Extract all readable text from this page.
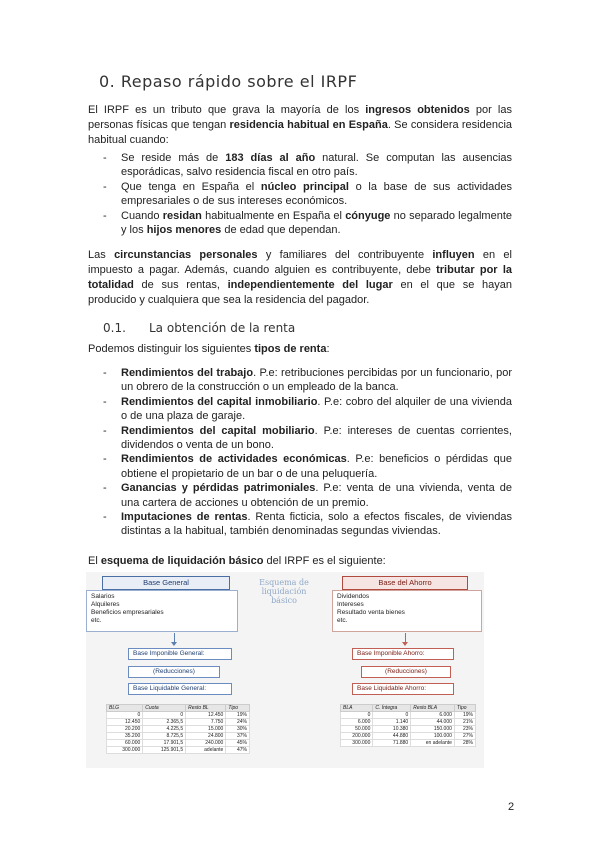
0. Repaso rápido sobre el IRPF

El IRPF es un tributo que grava la mayoría de los ingresos obtenidos por las personas físicas que tengan residencia habitual en España. Se considera residencia habitual cuando:

- Se reside más de 183 días al año natural. Se computan las ausencias esporádicas, salvo residencia fiscal en otro país.
- Que tenga en España el núcleo principal o la base de sus actividades empresariales o de sus intereses económicos.
- Cuando residan habitualmente en España el cónyuge no separado legalmente y los hijos menores de edad que dependan.

Las circunstancias personales y familiares del contribuyente influyen en el impuesto a pagar. Además, cuando alguien es contribuyente, debe tributar por la totalidad de sus rentas, independientemente del lugar en el que se hayan producido y cualquiera que sea la residencia del pagador.

0.1. La obtención de la renta

Podemos distinguir los siguientes tipos de renta:

- Rendimientos del trabajo. P.e: retribuciones percibidas por un funcionario, por un obrero de la construcción o un empleado de la banca.
- Rendimientos del capital inmobiliario. P.e: cobro del alquiler de una vivienda o de una plaza de garaje.
- Rendimientos del capital mobiliario. P.e: intereses de cuentas corrientes, dividendos o venta de un bono.
- Rendimientos de actividades económicas. P.e: beneficios o pérdidas que obtiene el propietario de un bar o de una peluquería.
- Ganancias y pérdidas patrimoniales. P.e: venta de una vivienda, venta de una cartera de acciones u obtención de un premio.
- Imputaciones de rentas. Renta ficticia, solo a efectos fiscales, de viviendas distintas a la habitual, también denominadas segundas viviendas.

El esquema de liquidación básico del IRPF es el siguiente:

Base General
Salarios
Alquileres
Beneficios empresariales
etc.
Esquema de liquidación básico
Base del Ahorro
Dividendos
Intereses
Resultado venta bienes
etc.
Base Imponible General:
(Reducciones)
Base Liquidable General:
Base Imponible Ahorro:
(Reducciones)
Base Liquidable Ahorro:
BLG	Cuota	Resto BL	Tipo
0	0	12.450	19%
12.450	2.365,5	7.750	24%
20.200	4.225,5	15.000	30%
35.200	8.725,5	24.800	37%
60.000	17.901,5	240.000	45%
300.000	125.901,5	adelante	47%
BLA	C. Íntegra	Resto BLA	Tipo
0	0	6.000	19%
6.000	1.140	44.000	21%
50.000	10.380	150.000	23%
200.000	44.880	100.000	27%
300.000	71.880	en adelante	28%
2
